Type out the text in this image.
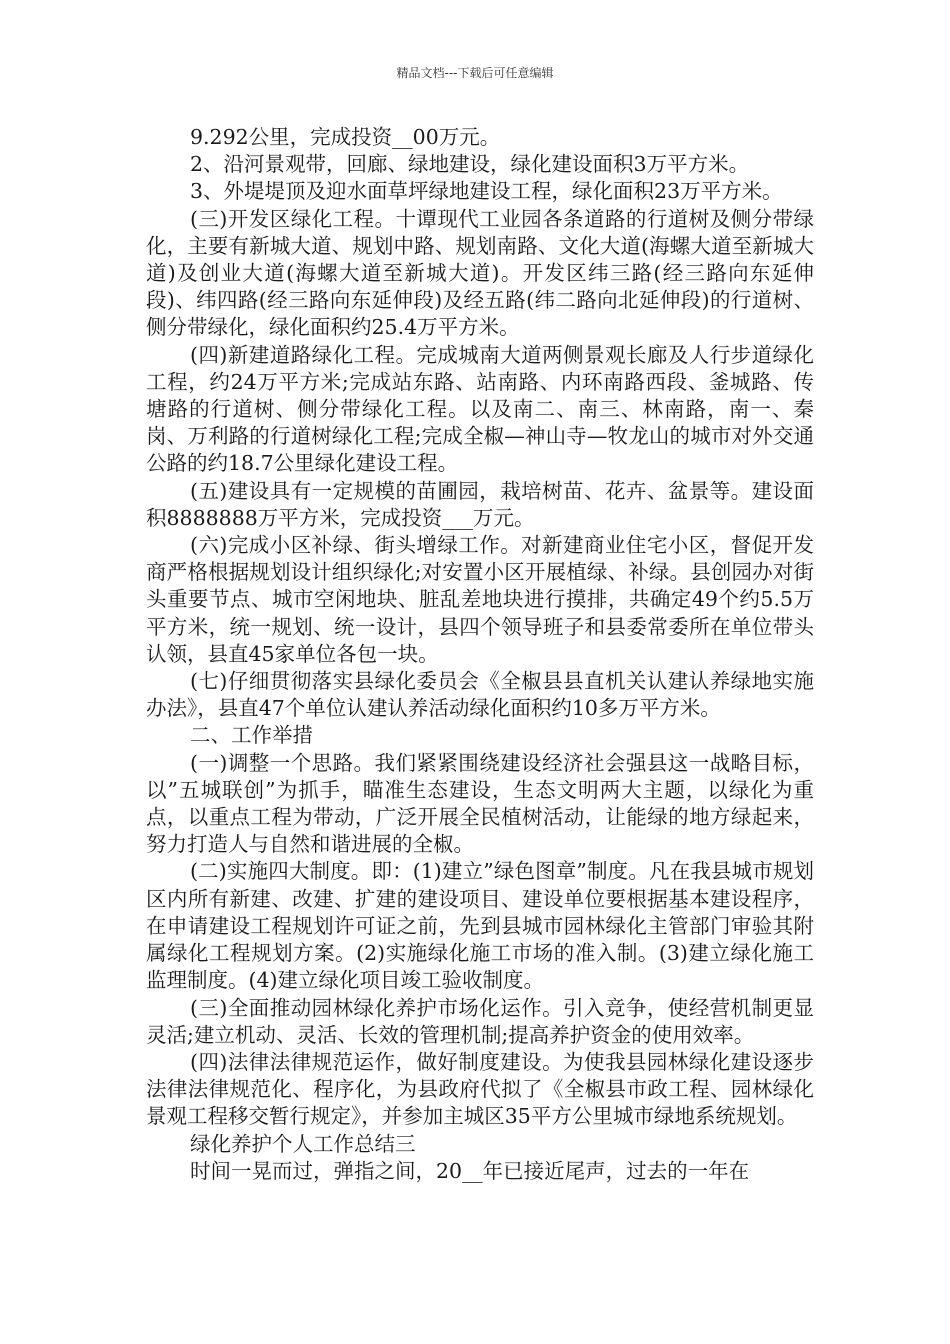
精品文档---下载后可任意编辑

9.292公里，完成投资__00万元。

2、沿河景观带，回廊、绿地建设，绿化建设面积3万平方米。

3、外堤堤顶及迎水面草坪绿地建设工程，绿化面积23万平方米。

(三)开发区绿化工程。十谭现代工业园各条道路的行道树及侧分带绿化，主要有新城大道、规划中路、规划南路、文化大道(海螺大道至新城大道)及创业大道(海螺大道至新城大道)。开发区纬三路(经三路向东延伸段)、纬四路(经三路向东延伸段)及经五路(纬二路向北延伸段)的行道树、侧分带绿化，绿化面积约25.4万平方米。

(四)新建道路绿化工程。完成城南大道两侧景观长廊及人行步道绿化工程，约24万平方米;完成站东路、站南路、内环南路西段、釜城路、传塘路的行道树、侧分带绿化工程。以及南二、南三、林南路，南一、秦岗、万利路的行道树绿化工程;完成全椒—神山寺—牧龙山的城市对外交通公路的约18.7公里绿化建设工程。

(五)建设具有一定规模的苗圃园，栽培树苗、花卉、盆景等。建设面积8888888万平方米，完成投资___万元。

(六)完成小区补绿、街头增绿工作。对新建商业住宅小区，督促开发商严格根据规划设计组织绿化;对安置小区开展植绿、补绿。县创园办对街头重要节点、城市空闲地块、脏乱差地块进行摸排，共确定49个约5.5万平方米，统一规划、统一设计，县四个领导班子和县委常委所在单位带头认领，县直45家单位各包一块。

(七)仔细贯彻落实县绿化委员会《全椒县县直机关认建认养绿地实施办法》，县直47个单位认建认养活动绿化面积约10多万平方米。

二、工作举措

(一)调整一个思路。我们紧紧围绕建设经济社会强县这一战略目标，以”五城联创”为抓手，瞄准生态建设，生态文明两大主题，以绿化为重点，以重点工程为带动，广泛开展全民植树活动，让能绿的地方绿起来，努力打造人与自然和谐进展的全椒。

(二)实施四大制度。即：(1)建立”绿色图章”制度。凡在我县城市规划区内所有新建、改建、扩建的建设项目、建设单位要根据基本建设程序，在申请建设工程规划许可证之前，先到县城市园林绿化主管部门审验其附属绿化工程规划方案。(2)实施绿化施工市场的准入制。(3)建立绿化施工监理制度。(4)建立绿化项目竣工验收制度。

(三)全面推动园林绿化养护市场化运作。引入竞争，使经营机制更显灵活;建立机动、灵活、长效的管理机制;提高养护资金的使用效率。

(四)法律法律规范运作，做好制度建设。为使我县园林绿化建设逐步法律法律规范化、程序化，为县政府代拟了《全椒县市政工程、园林绿化景观工程移交暂行规定》，并参加主城区35平方公里城市绿地系统规划。

绿化养护个人工作总结三

时间一晃而过，弹指之间，20__年已接近尾声，过去的一年在
